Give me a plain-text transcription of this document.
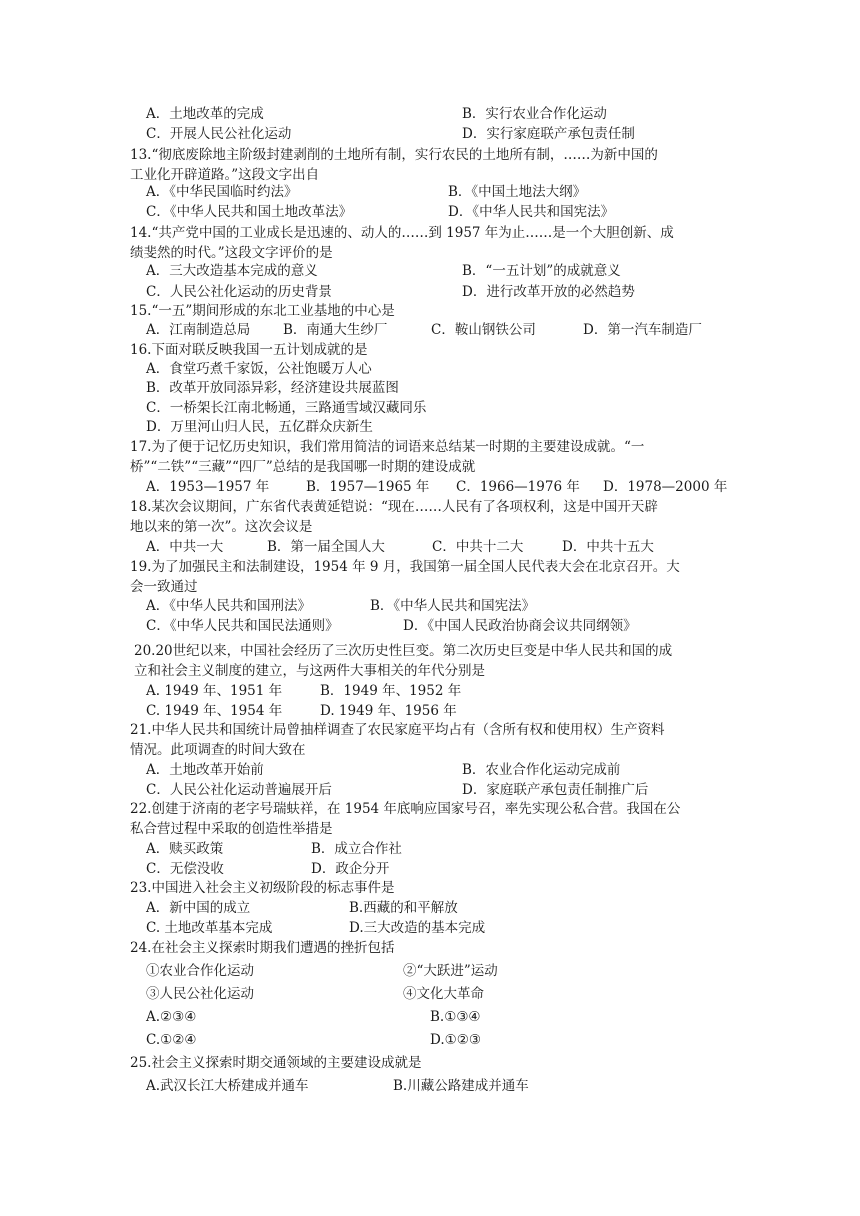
A．土地改革的完成	B．实行农业合作化运动
C．开展人民公社化运动	D．实行家庭联产承包责任制
13.“彻底废除地主阶级封建剥削的土地所有制，实行农民的土地所有制，……为新中国的
工业化开辟道路。”这段文字出自
A．《中华民国临时约法》	B．《中国土地法大纲》
C．《中华人民共和国土地改革法》	D．《中华人民共和国宪法》
14.“共产党中国的工业成长是迅速的、动人的……到 1957 年为止……是一个大胆创新、成
绩斐然的时代。”这段文字评价的是
A．三大改造基本完成的意义	B．“一五计划”的成就意义
C．人民公社化运动的历史背景	D．进行改革开放的必然趋势
15.“一五”期间形成的东北工业基地的中心是
A．江南制造总局 B．南通大生纱厂	C．鞍山钢铁公司	D．第一汽车制造厂
16.下面对联反映我国一五计划成就的是
A．食堂巧煮千家饭，公社饱暖万人心
B．改革开放同添异彩，经济建设共展蓝图
C．一桥架长江南北畅通，三路通雪域汉藏同乐
D．万里河山归人民，五亿群众庆新生
17.为了便于记忆历史知识，我们常用简洁的词语来总结某一时期的主要建设成就。“一
桥”“二铁”“三藏”“四厂”总结的是我国哪一时期的建设成就
A．1953—1957 年	B．1957—1965 年 C．1966—1976 年 D．1978—2000 年
18.某次会议期间，广东省代表黄延铠说：“现在……人民有了各项权利，这是中国开天辟
地以来的第一次”。这次会议是
A．中共一大	B．第一届全国人大	C．中共十二大	D．中共十五大
19.为了加强民主和法制建设，1954 年 9 月，我国第一届全国人民代表大会在北京召开。大
会一致通过
A．《中华人民共和国刑法》	B．《中华人民共和国宪法》
C．《中华人民共和国民法通则》	D．《中国人民政治协商会议共同纲领》
20.20世纪以来，中国社会经历了三次历史性巨变。第二次历史巨变是中华人民共和国的成
立和社会主义制度的建立，与这两件大事相关的年代分别是
A. 1949 年、1951 年	B．1949 年、1952 年
C. 1949 年、1954 年	D. 1949 年、1956 年
21.中华人民共和国统计局曾抽样调查了农民家庭平均占有（含所有权和使用权）生产资料
情况。此项调查的时间大致在
A．土地改革开始前	B．农业合作化运动完成前
C．人民公社化运动普遍展开后	D．家庭联产承包责任制推广后
22.创建于济南的老字号瑞蚨祥，在 1954 年底响应国家号召，率先实现公私合营。我国在公
私合营过程中采取的创造性举措是
A．赎买政策	B．成立合作社
C．无偿没收	D．政企分开
23.中国进入社会主义初级阶段的标志事件是
A．新中国的成立	B.西藏的和平解放
C. 土地改革基本完成	D.三大改造的基本完成
24.在社会主义探索时期我们遭遇的挫折包括
①农业合作化运动	②“大跃进”运动
③人民公社化运动	④文化大革命
A.②③④	B.①③④
C.①②④	D.①②③
25.社会主义探索时期交通领域的主要建设成就是
A.武汉长江大桥建成并通车	B.川藏公路建成并通车
